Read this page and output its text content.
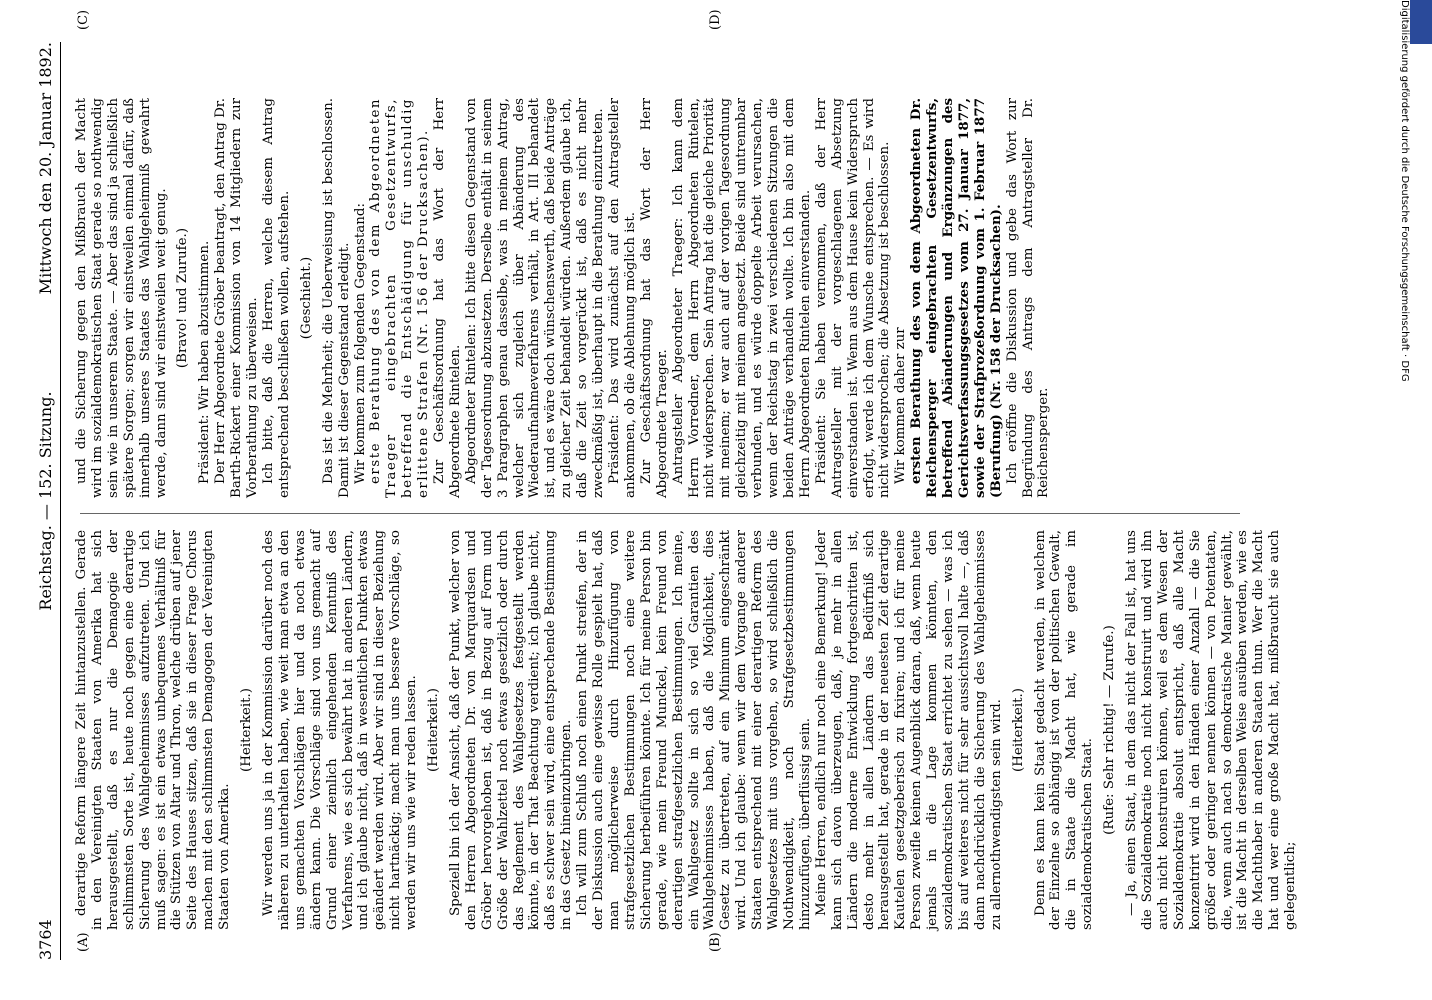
3764
Reichstag. — 152. Sitzung.
Mittwoch den 20. Januar 1892.
(A)	(B)
(C)	(D)

derartige Reform längere Zeit hintanzustellen. Gerade in den Vereinigten Staaten von Amerika hat sich herausgestellt, daß es nur die Demagogie der schlimmsten Sorte ist, heute noch gegen eine derartige Sicherung des Wahlgeheimnisses aufzutreten. Und ich muß sagen: es ist ein etwas unbequemes Verhältniß für die Stützen von Altar und Thron, welche drüben auf jener Seite des Hauses sitzen, daß sie in dieser Frage Chorus machen mit den schlimmsten Demagogen der Vereinigten Staaten von Amerika.

(Heiterkeit.) Wir werden uns ja in der Kommission darüber noch des näheren zu unterhalten haben, wie weit man etwa an den uns gemachten Vorschlägen hier und da noch etwas ändern kann. Die Vorschläge sind von uns gemacht auf Grund einer ziemlich eingehenden Kenntniß des Verfahrens, wie es sich bewährt hat in anderen Ländern, und ich glaube nicht, daß in wesentlichen Punkten etwas geändert werden wird. Aber wir sind in dieser Beziehung nicht hartnäckig; macht man uns bessere Vorschläge, so werden wir uns wie wir reden lassen. (Heiterkeit.) Speziell bin ich der Ansicht, daß der Punkt, welcher von den Herren Abgeordneten Dr. von Marquardsen und Gröber hervorgehoben ist, daß in Bezug auf Form und Größe der Wahlzettel noch etwas gesetzlich oder durch das Reglement des Wahlgesetzes festgestellt werden könnte, in der That Beachtung verdient; ich glaube nicht, daß es schwer sein wird, eine entsprechende Bestimmung in das Gesetz hineinzubringen. Ich will zum Schluß noch einen Punkt streifen, der in der Diskussion auch eine gewisse Rolle gespielt hat, daß man möglicherweise durch Hinzufügung von strafgesetzlichen Bestimmungen noch eine weitere Sicherung herbeiführen könnte. Ich für meine Person bin gerade, wie mein Freund Munckel, kein Freund von derartigen strafgesetzlichen Bestimmungen. Ich meine, ein Wahlgesetz sollte in sich so viel Garantien des Wahlgeheimnisses haben, daß die Möglichkeit, dies Gesetz zu übertreten, auf ein Minimum eingeschränkt wird. Und ich glaube: wenn wir dem Vorgange anderer Staaten entsprechend mit einer derartigen Reform des Wahlgesetzes mit uns vorgehen, so wird schließlich die Nothwendigkeit, noch Strafgesetzbestimmungen hinzuzufügen, überflüssig sein. Meine Herren, endlich nur noch eine Bemerkung! Jeder kann sich davon überzeugen, daß, je mehr in allen Ländern die moderne Entwicklung fortgeschritten ist, desto mehr in allen Ländern das Bedürfniß sich herausgestellt hat, gerade in der neuesten Zeit derartige Kautelen gesetzgeberisch zu fixiren; und ich für meine Person zweifle keinen Augenblick daran, daß, wenn heute jemals in die Lage kommen könnten, den sozialdemokratischen Staat errichtet zu sehen — was ich bis auf weiteres nicht für sehr aussichtsvoll halte —, daß dann nachdrücklich die Sicherung des Wahlgeheimnisses zu allernothwendigsten sein wird. (Heiterkeit.) Denn es kann kein Staat gedacht werden, in welchem der Einzelne so abhängig ist von der politischen Gewalt, die in Staate die Macht hat, wie gerade im sozialdemokratischen Staat. (Rufe: Sehr richtig! — Zurufe.) — Ja, einen Staat, in dem das nicht der Fall ist, hat uns die Sozialdemokratie noch nicht konstruirt und wird ihn auch nicht konstruiren können, weil es dem Wesen der Sozialdemokratie absolut entspricht, daß alle Macht konzentrirt wird in den Händen einer Anzahl — die Sie größer oder geringer nennen können — von Potentaten, die, wenn auch nach so demokratische Manier gewählt, ist die Macht in derselben Weise ausüben werden, wie es die Machthaber in anderen Staaten thun. Wer die Macht hat und wer eine große Macht hat, mißbraucht sie auch gelegentlich;

und die Sicherung gegen den Mißbrauch der Macht wird im sozialdemokratischen Staat gerade so nothwendig sein wie in unserem Staate. — Aber das sind ja schließlich spätere Sorgen; sorgen wir einstweilen einmal dafür, daß innerhalb unseres Staates das Wahlgeheimniß gewahrt werde, dann sind wir einstweilen weit genug. (Bravo! und Zurufe.) Präsident: Wir haben abzustimmen. Der Herr Abgeordnete Gröber beantragt, den Antrag Dr. Barth-Rickert einer Kommission von 14 Mitgliedern zur Vorberathung zu überweisen. Ich bitte, daß die Herren, welche diesem Antrag entsprechend beschließen wollen, aufstehen. (Geschieht.) Das ist die Mehrheit; die Ueberweisung ist beschlossen. Damit ist dieser Gegenstand erledigt. Wir kommen zum folgenden Gegenstand: erste Berathung des von dem Abgeordneten Traeger eingebrachten Gesetzentwurfs, betreffend die Entschädigung für unschuldig erlittene Strafen (Nr. 156 der Drucksachen). Zur Geschäftsordnung hat das Wort der Herr Abgeordnete Rintelen. Abgeordneter Rintelen: Ich bitte diesen Gegenstand von der Tagesordnung abzusetzen. Derselbe enthält in seinem 3 Paragraphen genau dasselbe, was in meinem Antrag, welcher sich zugleich über Abänderung des Wiederaufnahmeverfahrens verhält, in Art. III behandelt ist, und es wäre doch wünschenswerth, daß beide Anträge zu gleicher Zeit behandelt würden. Außerdem glaube ich, daß die Zeit so vorgerückt ist, daß es nicht mehr zweckmäßig ist, überhaupt in die Berathung einzutreten. Präsident: Das wird zunächst auf den Antragsteller ankommen, ob die Ablehnung möglich ist. Zur Geschäftsordnung hat das Wort der Herr Abgeordnete Traeger. Antragsteller Abgeordneter Traeger: Ich kann dem Herrn Vorredner, dem Herrn Abgeordneten Rintelen, nicht widersprechen. Sein Antrag hat die gleiche Priorität mit meinem; er war auch auf der vorigen Tagesordnung gleichzeitig mit meinem angesetzt. Beide sind untrennbar verbunden, und es würde doppelte Arbeit verursachen, wenn der Reichstag in zwei verschiedenen Sitzungen die beiden Anträge verhandeln wollte. Ich bin also mit dem Herrn Abgeordneten Rintelen einverstanden. Präsident: Sie haben vernommen, daß der Herr Antragsteller mit der vorgeschlagenen Absetzung einverstanden ist. Wenn aus dem Hause kein Widerspruch erfolgt, werde ich dem Wunsche entsprechen. — Es wird nicht widersprochen; die Absetzung ist beschlossen. Wir kommen daher zur ersten Berathung des von dem Abgeordneten Dr. Reichensperger eingebrachten Gesetzentwurfs, betreffend Abänderungen und Ergänzungen des Gerichtsverfassungsgesetzes vom 27. Januar 1877, sowie der Strafprozeßordnung vom 1. Februar 1877 (Berufung) (Nr. 158 der Drucksachen). Ich eröffne die Diskussion und gebe das Wort zur Begründung des Antrags dem Antragsteller Dr. Reichensperger.

Digitalisierung gefördert durch die Deutsche Forschungsgemeinschaft · DFG
